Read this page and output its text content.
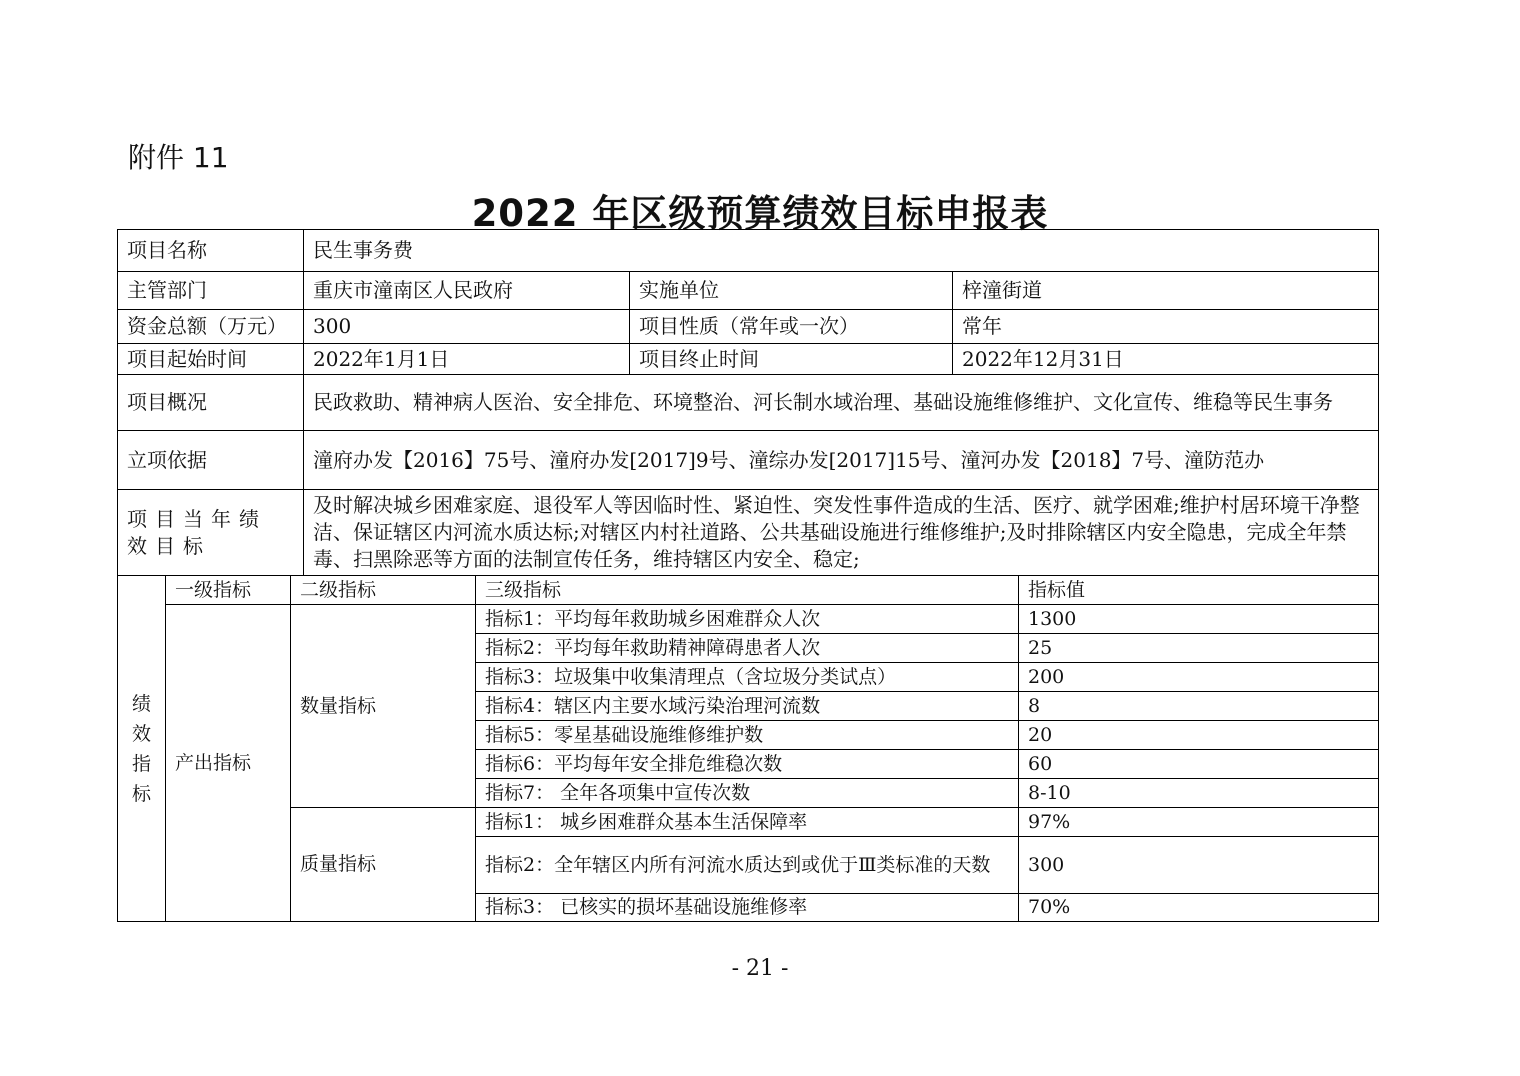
附件 11
2022 年区级预算绩效目标申报表
项目名称	民生事务费		
主管部门	重庆市潼南区人民政府	实施单位	梓潼街道
资金总额（万元）	300	项目性质（常年或一次）	常年
项目起始时间	2022年1月1日	项目终止时间	2022年12月31日
项目概况	民政救助、精神病人医治、安全排危、环境整治、河长制水域治理、基础设施维修维护、文化宣传、维稳等民生事务		
立项依据	潼府办发【2016】75号、潼府办发[2017]9号、潼综办发[2017]15号、潼河办发【2018】7号、潼防范办		
项目当年绩效目标	及时解决城乡困难家庭、退役军人等因临时性、紧迫性、突发性事件造成的生活、医疗、就学困难;维护村居环境干净整洁、保证辖区内河流水质达标;对辖区内村社道路、公共基础设施进行维修维护;及时排除辖区内安全隐患，完成全年禁毒、扫黑除恶等方面的法制宣传任务，维持辖区内安全、稳定;		
绩
效
指
标	一级指标	二级指标	三级指标	指标值
	产出指标	数量指标	指标1：平均每年救助城乡困难群众人次	1300
			指标2：平均每年救助精神障碍患者人次	25
			指标3：垃圾集中收集清理点（含垃圾分类试点）	200
			指标4：辖区内主要水域污染治理河流数	8
			指标5：零星基础设施维修维护数	20
			指标6：平均每年安全排危维稳次数	60
			指标7： 全年各项集中宣传次数	8-10
		质量指标	指标1： 城乡困难群众基本生活保障率	97%
			指标2：全年辖区内所有河流水质达到或优于Ⅲ类标准的天数	300
			指标3： 已核实的损坏基础设施维修率	70%
- 21 -
